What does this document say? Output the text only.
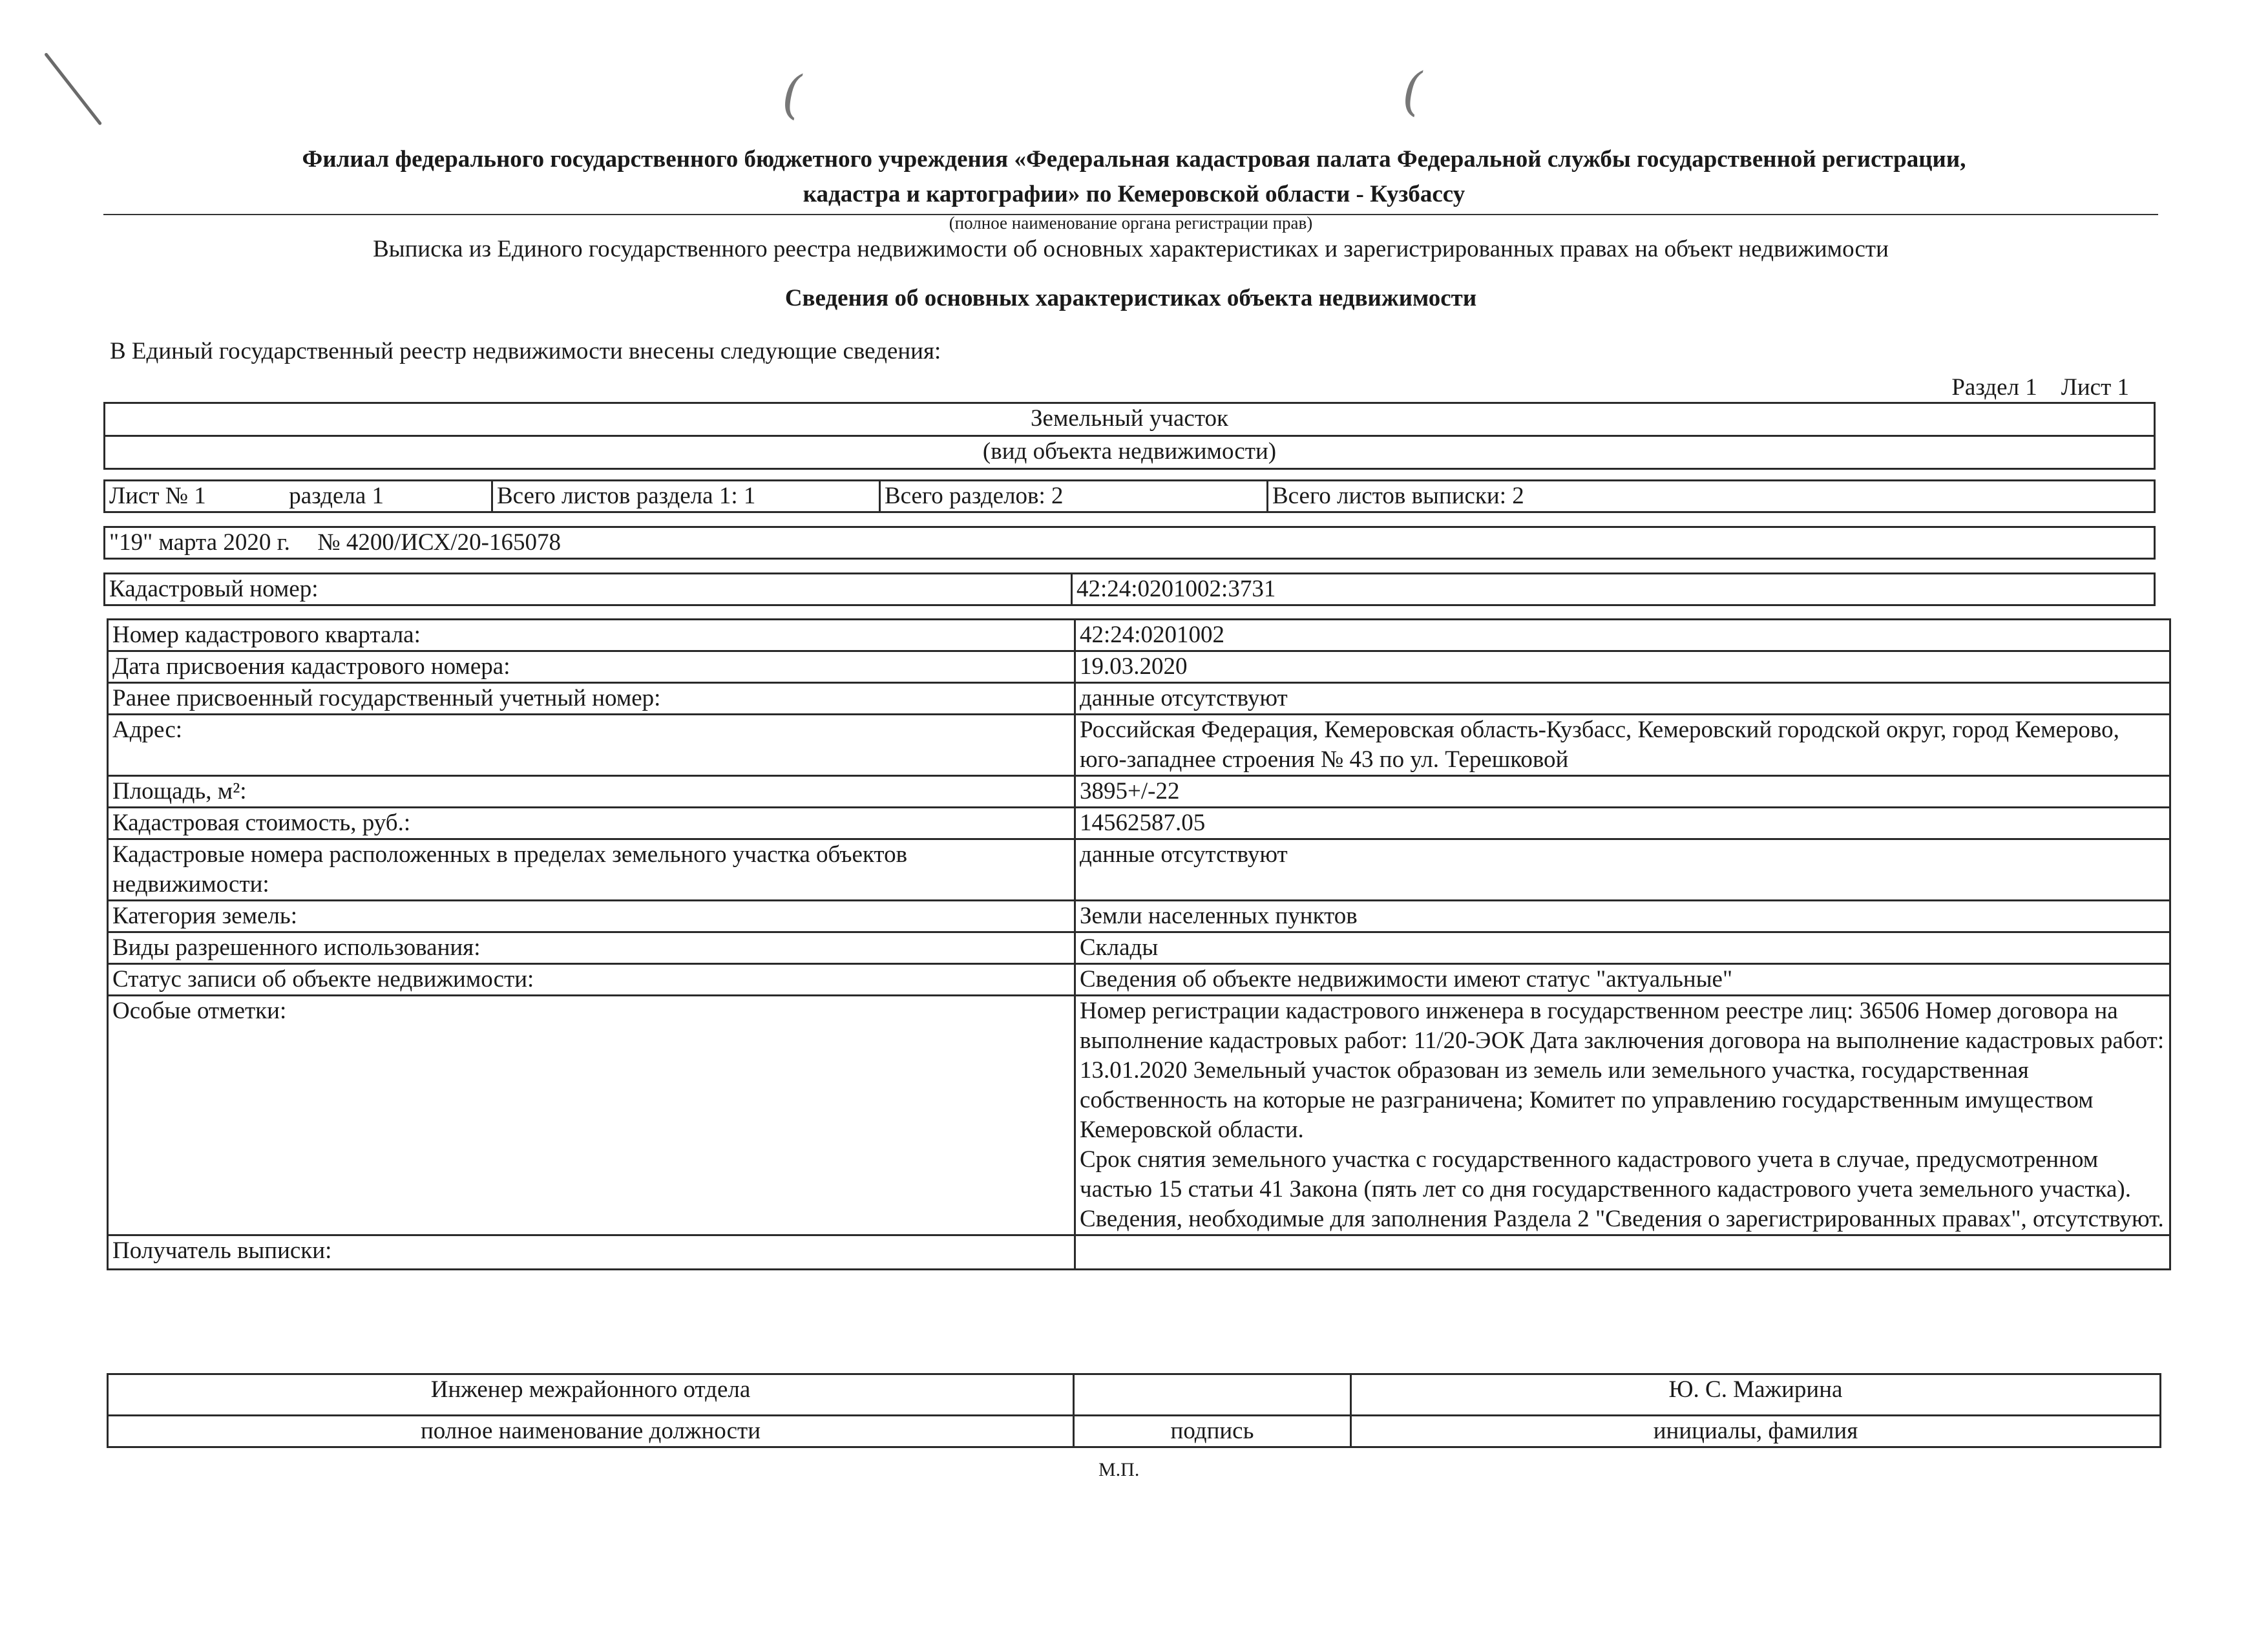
(	(
Филиал федерального государственного бюджетного учреждения «Федеральная кадастровая палата Федеральной службы государственной регистрации,
кадастра и картографии» по Кемеровской области - Кузбассу
(полное наименование органа регистрации прав)
Выписка из Единого государственного реестра недвижимости об основных характеристиках и зарегистрированных правах на объект недвижимости
Сведения об основных характеристиках объекта недвижимости
В Единый государственный реестр недвижимости внесены следующие сведения:
Раздел 1    Лист 1
Земельный участок
(вид объекта недвижимости)
Лист № 1	раздела 1	Всего листов раздела 1: 1	Всего разделов: 2	Всего листов выписки: 2
"19" марта 2020 г. № 4200/ИСХ/20-165078
Кадастровый номер:	42:24:0201002:3731
Номер кадастрового квартала:	42:24:0201002
Дата присвоения кадастрового номера:	19.03.2020
Ранее присвоенный государственный учетный номер:	данные отсутствуют
Адрес:	Российская Федерация, Кемеровская область-Кузбасс, Кемеровский городской округ, город Кемерово, юго-западнее строения № 43 по ул. Терешковой
Площадь, м²:	3895+/-22
Кадастровая стоимость, руб.:	14562587.05
Кадастровые номера расположенных в пределах земельного участка объектов недвижимости:	данные отсутствуют
Категория земель:	Земли населенных пунктов
Виды разрешенного использования:	Склады
Статус записи об объекте недвижимости:	Сведения об объекте недвижимости имеют статус "актуальные"
Особые отметки:	Номер регистрации кадастрового инженера в государственном реестре лиц: 36506 Номер договора на выполнение кадастровых работ: 11/20-ЭОК Дата заключения договора на выполнение кадастровых работ: 13.01.2020 Земельный участок образован из земель или земельного участка, государственная собственность на которые не разграничена; Комитет по управлению государственным имуществом Кемеровской области.
Срок снятия земельного участка с государственного кадастрового учета в случае, предусмотренном частью 15 статьи 41 Закона (пять лет со дня государственного кадастрового учета земельного участка).
Сведения, необходимые для заполнения Раздела 2 "Сведения о зарегистрированных правах", отсутствуют.

Получатель выписки:	
Инженер межрайонного отдела		Ю. С. Мажирина
полное наименование должности	подпись	инициалы, фамилия
М.П.
